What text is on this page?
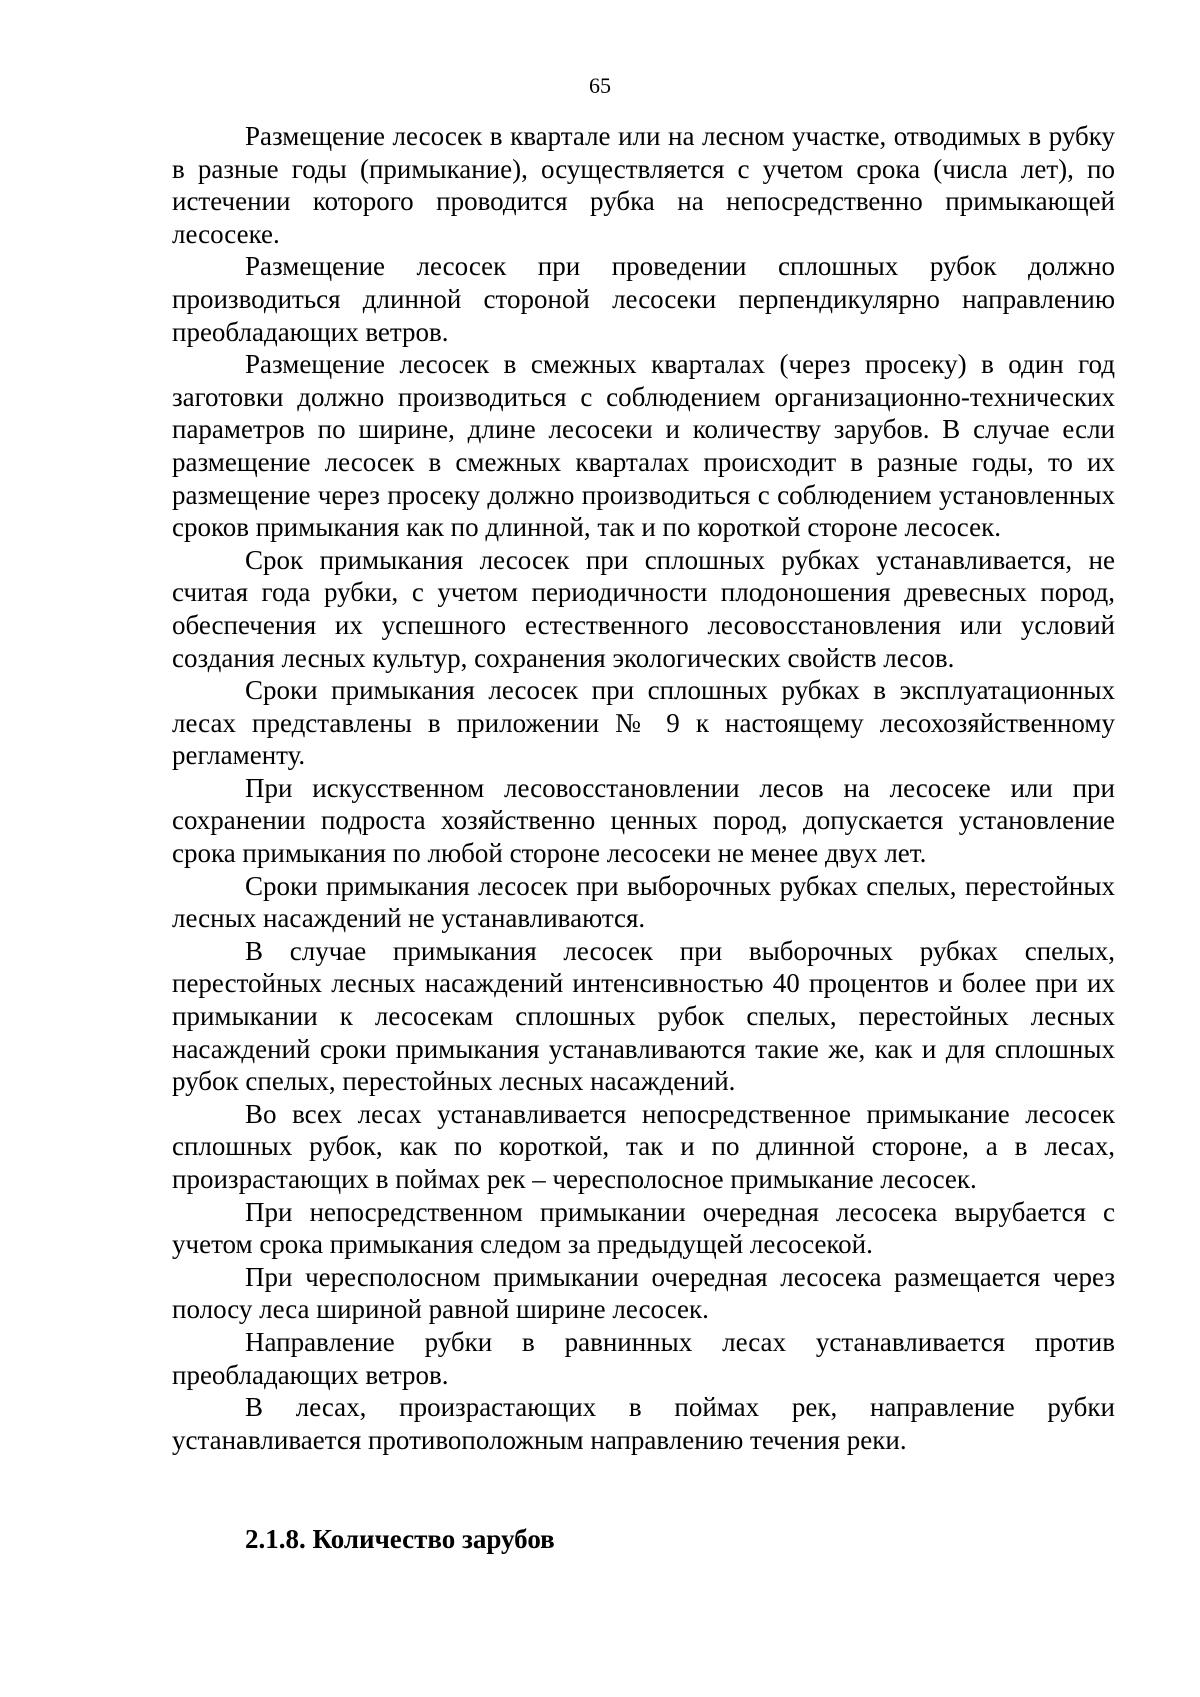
65

Размещение лесосек в квартале или на лесном участке, отводимых в рубку в разные годы (примыкание), осуществляется с учетом срока (числа лет), по истечении которого проводится рубка на непосредственно примыкающей лесосеке.

Размещение лесосек при проведении сплошных рубок должно производиться длинной стороной лесосеки перпендикулярно направлению преобладающих ветров.

Размещение лесосек в смежных кварталах (через просеку) в один год заготовки должно производиться с соблюдением организационно-технических параметров по ширине, длине лесосеки и количеству зарубов. В случае если размещение лесосек в смежных кварталах происходит в разные годы, то их размещение через просеку должно производиться с соблюдением установленных сроков примыкания как по длинной, так и по короткой стороне лесосек.

Срок примыкания лесосек при сплошных рубках устанавливается, не считая года рубки, с учетом периодичности плодоношения древесных пород, обеспечения их успешного естественного лесовосстановления или условий создания лесных культур, сохранения экологических свойств лесов.

Сроки примыкания лесосек при сплошных рубках в эксплуатационных лесах представлены в приложении № 9 к настоящему лесохозяйственному регламенту.

При искусственном лесовосстановлении лесов на лесосеке или при сохранении подроста хозяйственно ценных пород, допускается установление срока примыкания по любой стороне лесосеки не менее двух лет.

Сроки примыкания лесосек при выборочных рубках спелых, перестойных лесных насаждений не устанавливаются.

В случае примыкания лесосек при выборочных рубках спелых, перестойных лесных насаждений интенсивностью 40 процентов и более при их примыкании к лесосекам сплошных рубок спелых, перестойных лесных насаждений сроки примыкания устанавливаются такие же, как и для сплошных рубок спелых, перестойных лесных насаждений.

Во всех лесах устанавливается непосредственное примыкание лесосек сплошных рубок, как по короткой, так и по длинной стороне, а в лесах, произрастающих в поймах рек – чересполосное примыкание лесосек.

При непосредственном примыкании очередная лесосека вырубается с учетом срока примыкания следом за предыдущей лесосекой.

При чересполосном примыкании очередная лесосека размещается через полосу леса шириной равной ширине лесосек.

Направление рубки в равнинных лесах устанавливается против преобладающих ветров.

В лесах, произрастающих в поймах рек, направление рубки устанавливается противоположным направлению течения реки.

2.1.8. Количество зарубов
